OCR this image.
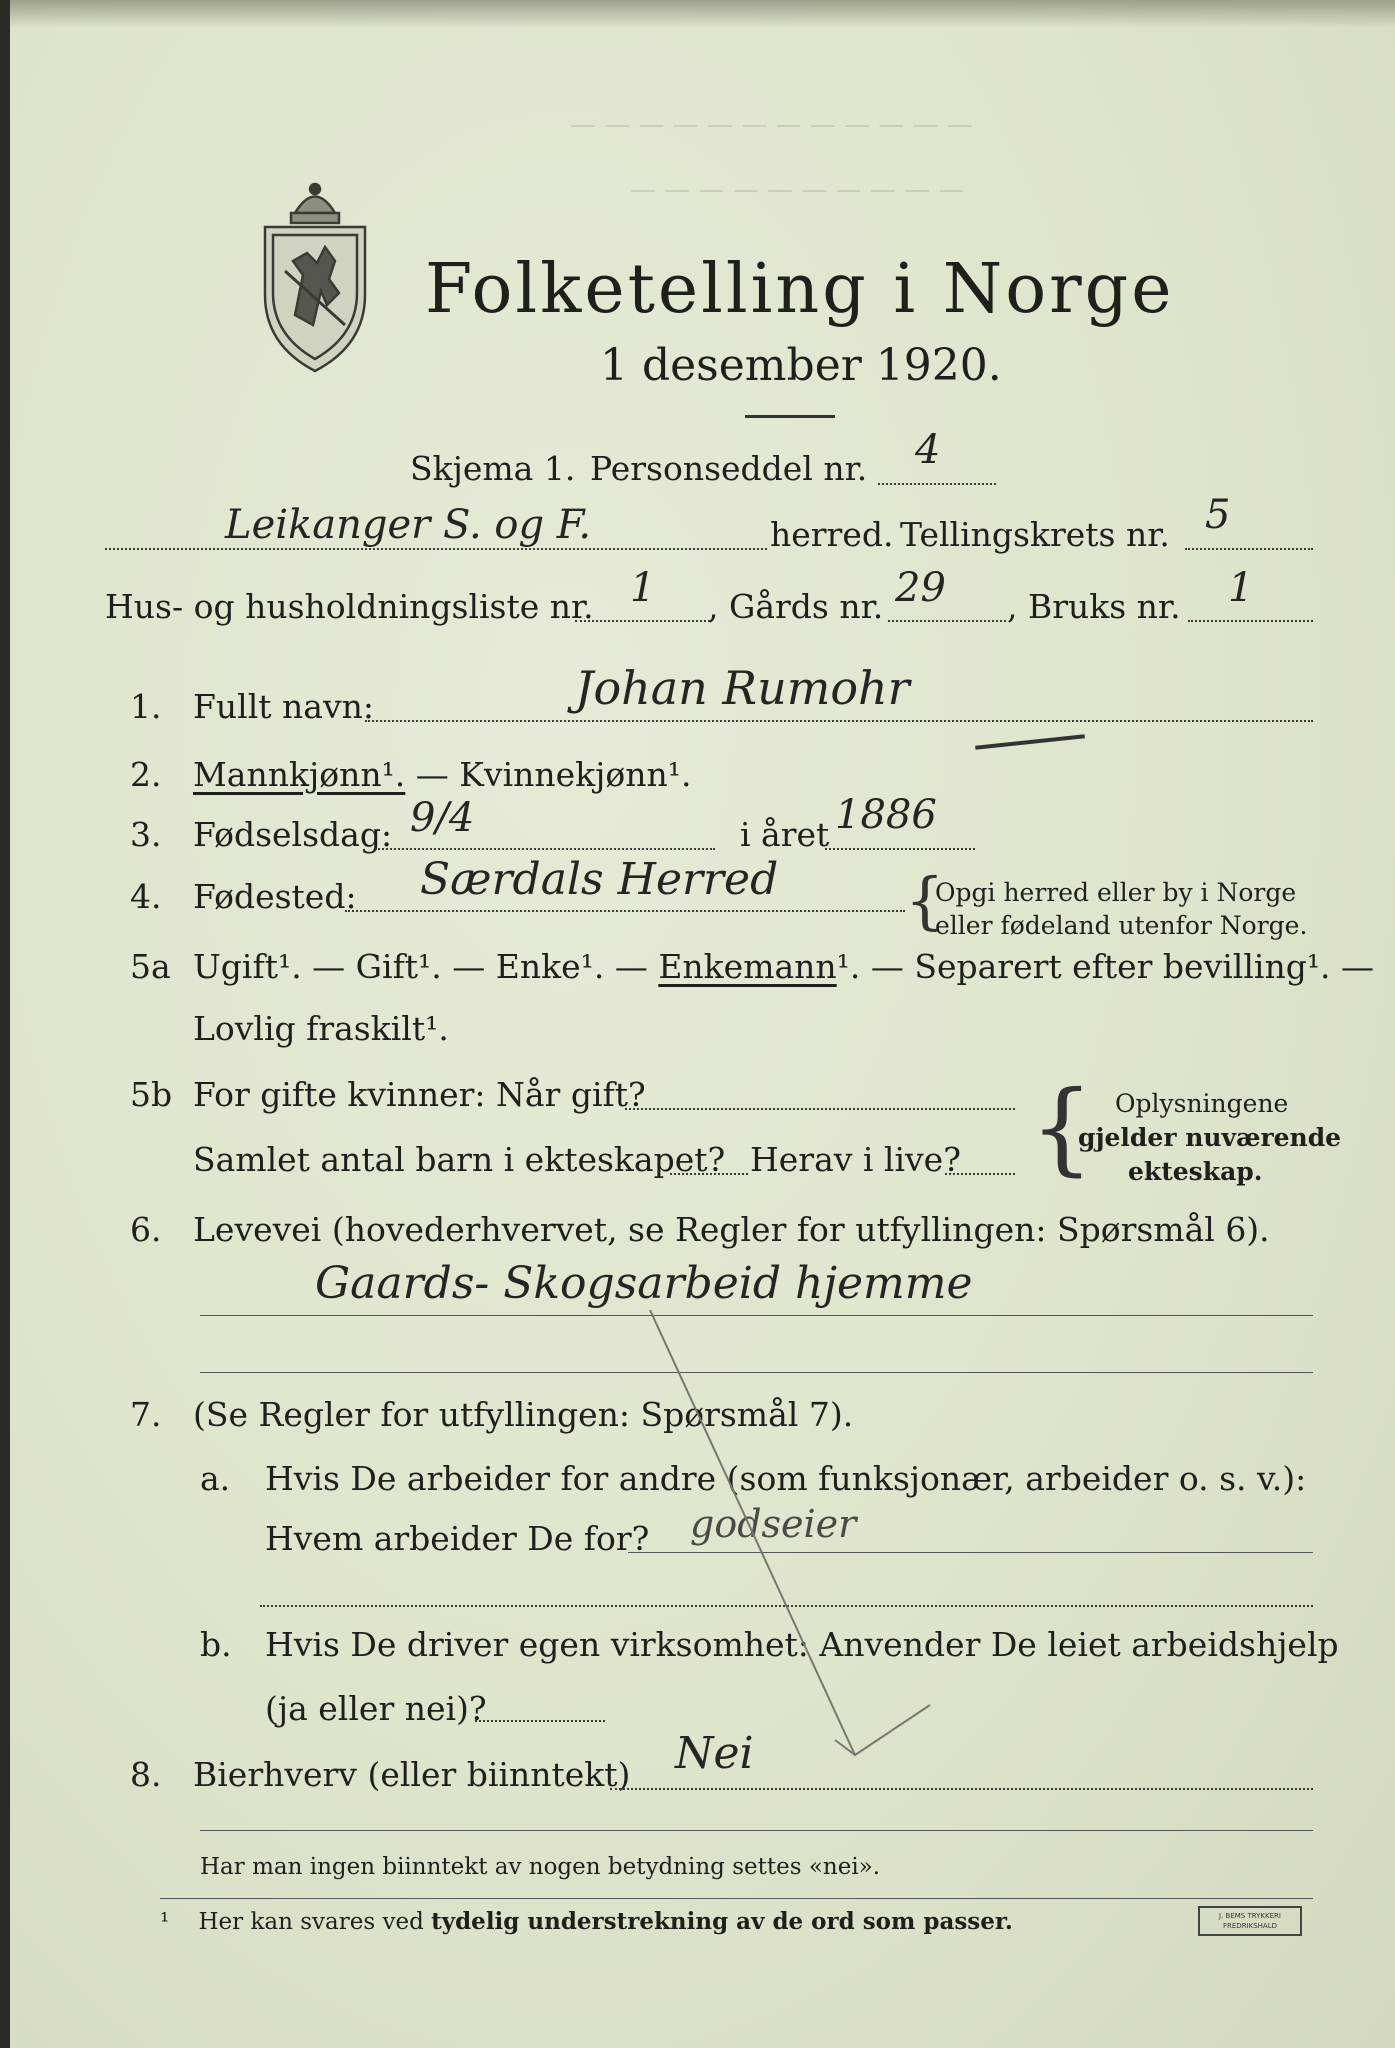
— — — — — — — — — — — —
— — — — — — — — — —
Folketelling i Norge
1 desember 1920.
Skjema 1. Personseddel nr. 4
Leikanger S. og F.	herred. Tellingskrets nr. 5
Hus- og husholdningsliste nr. 1 , Gårds nr. 29 , Bruks nr. 1
1. Fullt navn:	Johan Rumohr
2. Mannkjønn¹. — Kvinnekjønn¹.
3. Fødselsdag: 9/4	i året 1886
4. Fødested: Særdals Herred {
Opgi herred eller by i Norge
eller fødeland utenfor Norge.
5a Ugift¹. — Gift¹. — Enke¹. — Enkemann¹. — Separert efter bevilling¹. —
Lovlig fraskilt¹.
5b For gifte kvinner: Når gift?
Samlet antal barn i ekteskapet? Herav i live? { Oplysningene
gjelder nuværende
ekteskap.
6. Levevei (hovederhvervet, se Regler for utfyllingen: Spørsmål 6).
Gaards- Skogsarbeid hjemme
7. (Se Regler for utfyllingen: Spørsmål 7).
a. Hvis De arbeider for andre (som funksjonær, arbeider o. s. v.):
Hvem arbeider De for? godseier
b. Hvis De driver egen virksomhet: Anvender De leiet arbeidshjelp
(ja eller nei)?
8. Bierhverv (eller biinntekt) Nei
Har man ingen biinntekt av nogen betydning settes «nei».
¹ Her kan svares ved tydelig understrekning av de ord som passer.	J. BEMS TRYKKERI
FREDRIKSHALD
